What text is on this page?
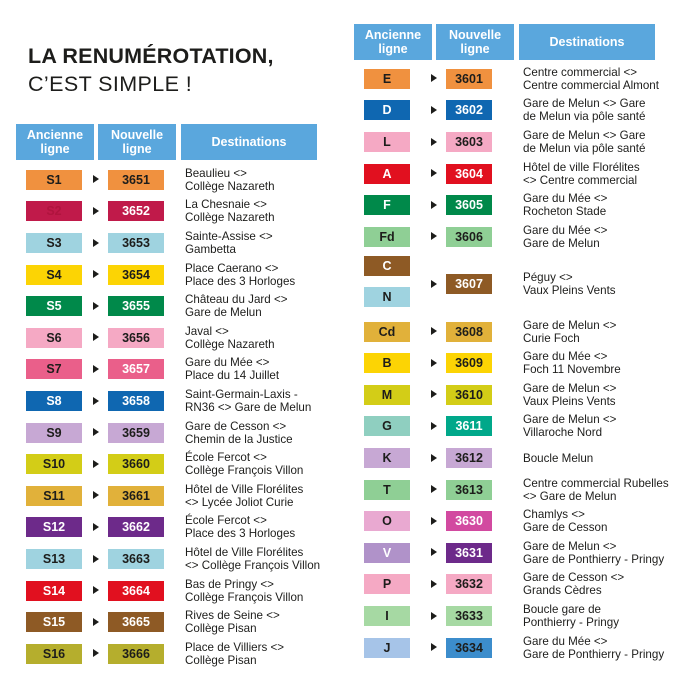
LA RENUMÉROTATION,
C’EST SIMPLE !
Ancienne ligne
Nouvelle ligne	Destinations
S1	3651	Beaulieu <>
Collège Nazareth
S2	3652	La Chesnaie <>
Collège Nazareth
S3	3653	Sainte-Assise <>
Gambetta
S4	3654	Place Caerano <>
Place des 3 Horloges
S5	3655	Château du Jard <>
Gare de Melun
S6	3656	Javal <>
Collège Nazareth
S7	3657	Gare du Mée <>
Place du 14 Juillet
S8	3658	Saint-Germain-Laxis -
RN36 <> Gare de Melun
S9	3659	Gare de Cesson <>
Chemin de la Justice
S10	3660	École Fercot <>
Collège François Villon
S11	3661	Hôtel de Ville Florélites
<> Lycée Joliot Curie
S12	3662	École Fercot <>
Place des 3 Horloges
S13	3663	Hôtel de Ville Florélites
<> Collège François Villon
S14	3664	Bas de Pringy <>
Collège François Villon
S15	3665	Rives de Seine <>
Collège Pisan
S16	3666	Place de Villiers <>
Collège Pisan
Ancienne ligne
Nouvelle ligne	Destinations
E	3601	Centre commercial <>
Centre commercial Almont
D	3602	Gare de Melun <> Gare
de Melun via pôle santé
L	3603	Gare de Melun <> Gare
de Melun via pôle santé
A	3604	Hôtel de ville Florélites
<> Centre commercial
F	3605	Gare du Mée <>
Rocheton Stade
Fd	3606	Gare du Mée <>
Gare de Melun
C
N
3607	Péguy <>
Vaux Pleins Vents
Cd	3608	Gare de Melun <>
Curie Foch
B	3609	Gare du Mée <>
Foch 11 Novembre
M	3610	Gare de Melun <>
Vaux Pleins Vents
G	3611	Gare de Melun <>
Villaroche Nord
K	3612	Boucle Melun
T	3613	Centre commercial Rubelles
<> Gare de Melun
O	3630	Chamlys <>
Gare de Cesson
V	3631	Gare de Melun <>
Gare de Ponthierry - Pringy
P	3632	Gare de Cesson <>
Grands Cèdres
I	3633	Boucle gare de
Ponthierry - Pringy
J	3634	Gare du Mée <>
Gare de Ponthierry - Pringy
